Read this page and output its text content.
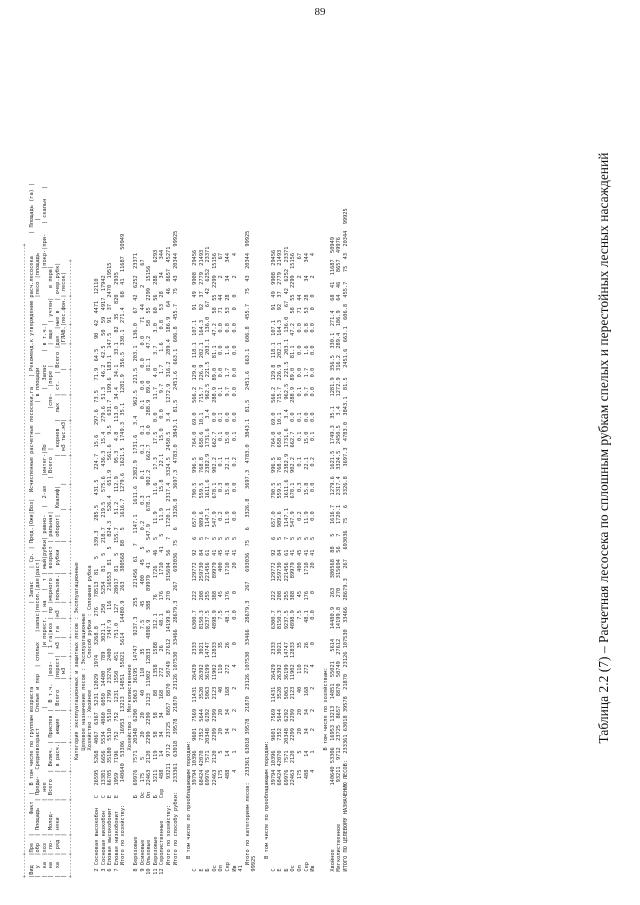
89
+------+----------------------------------------------------------------------------------------------------------------------------------------------------------------------------------------------+ |Вид   |Пре  |      Факт  |  В том числе по группам возраста                          | Запас    | Ср. | Пред.|Ожи|Воз|  Исчисленные расчетные лесосеки,га   | Рекоменд.к утверждению расч.лесосека       | Площадь (га) | |  у   |обр  | Площадь  | Преды-  Средневозраст     Спелые и пер  | спелых   |запас|лесоп.|дае|раст|                                       |         | в площади                      |лесо |площадь          | |  ка  |хоз  |          |  нее                       |                  |и перест. | на   |  т | мый|рубки| равно-  |  2-ая   |интег-|По                 |  Запас    | в т.ч.|                 |покр-|при-   | скальн   | |  на  | по- | Молод-   | Всего  | Включ. | Приспев |  В т.ч.  |воз-  | 1 га|воз | пр |мерного | возраст | ральная|          | Всего  |            |спе-  |пере |      | юще  | учтен|   в перв| |  ха  | ряд | няки     |        | в расч.|  ающие  | Всего   |перест|  м3 | га  |м3  |пользов.|  рубки  | оборот|  Квалиф|         |  корнев  |  лых  | ст.  | Всего |дая  |ные в   | очер.рубк| |      |     |          |        |        |         |         | м3   |     |     |    |        |         |         |       |        | м3 тыс.м3|       |       |       |ГЛАВ.|лес.фон.| лесок| +------+-----+----------+--------+--------+---------+---------+------+-----+-----+----+--------+---------+---------+-------+--------+----------+-------+-------+-------+-----+--------+----------+ Категория эксплуатационных и защитных лесов : Эксплуатационные Целевое назначение лесов : Эксплуатационные Хозяйство : Хвойное          Способ рубки : Сплошная рубка 2 Сосновая высокобон   С   26595  5268  4067  6367  5231 12029  1974   3268.8   276   78513  81   5   339.3   285.5   431.5   224.7  15.6   297.6  73.5   71.9  64.5   90  42  4471  12110 3 Сосновая низкобон    С   13381  6656  5534  4060  6050  14400   789   3021.1   250   5254   81   5   218.7   219.5   575.6   436.3  15.4   279.6  51.3   46.2  42.5   50  59  4917  17942 6 Еловая высокобонит   Е   66705  35180  5510  5510  2799  23276  2400   7347.9   116   216553  81   5   824.3   526.4   651.9   561.6   9.5   631.7  199.6  183.1  147.5   91  37  2470  19515 7 Еловая низкобонит    Е   1959   7196   752   752   1231  1550   451    751.0   127   28017  81   5   155.7    51.2   112.9    95.3   4.8   113.0  34.4   34.1   33.1   82  35   820   2935 Итого по хозяйству:       140640  53306  16953  13213  14851  55021  5614   14480.9   263   380568  88   5   1616.7  1279.6  1621.5  1749.3  35.1   1281.9  356.5  330.1  271.4   68  41  11687  50949 Хозяйство : Мягколиственное 8 Березовые            Б   69976  7571  20348  6290  5063  36195  14747   9237.3   255   221456  61   7   1147.1   1611.6  2382.9  1731.6   3.4   962.5  221.5  203.1  136.0   67  42  6252  23371 9 Осиновые             Ос   175    5      20    20     40    110    35      7.5    45     400   45   5     0.2     0.3     0.1     0.1   0.1     0.1   0.0    0.0    0.0    71  44     2      67 10 Ольховые             Ол  22463  2120  2299  2299  2123  11902  12833   4898.9   388   89979  41   5   547.9    678.1   902.2   662.7   0.0   288.9  89.0   81.1   47.2   58  55  2299  15156 11 Березовые            Б    3211   119    58    58     88    1358   1588    312.1    76     1726   46   5    11.9     11.6    17.3    17.5   0.0    11.7   4.0    3.7    3.0   60  56   288    6293 12 Серолиственные       Сер   488    14    34    34    168    272     26      48.1    176     1710   41   5    11.9     15.8    22.1    15.0   0.0     9.7   1.7    1.6    0.8   53  28    34    344 Итого по хозяйству:        93211  9712  23725  8657  8870  50749  27612  14199.8   270   315694  56   7   1720.1  2317.4  3324.5  2450.5   3.4   1272.9  316.2  289.4  186.9   64  46  8657  45271 Итого по способу рубки:   233361  63018  39578  21870  23126 107530  33466  28679.3   267   693036  75   6   3326.8   3697.3  4783.0  3843.1  81.5   2451.6  663.1  606.8  455.7   75  43  20344  99925 В том числе по преобладающим породам: С                          39794 10396   9601  7569  11431  26429   2333    6300.7   222   129772  92   6   657.0    790.5   996.5   764.0  69.0   566.2  129.8  118.1  107.1   91  49  9908  29456 Е                          68424 42070   7352  5644   3520  26392   3021    8150.3   208   259730  84   5   989.6    559.5   768.8   658.6  10.1   715.7  226.9  202.1  164.3   92  37  2779  21493 Б                          69976  7571  20348  6292   5063  36199  14747    9237.5   255   221456  61   7   1147.1   1611.6  2382.9  1731.6   3.4   962.5  221.5  203.1  136.0   67  42  6252  23371 Ос                         22463  2120   2299  2299   2123  11902  12833    4898.9   388    89979  41   5   547.9    678.1   902.2   662.7   0.0   288.9  89.0   81.1   47.2   58  55  2299  15156 Ол                           175     5     20    20     40    110     35       7.5    45      400  45   5     0.2      0.3     0.1     0.1   0.1     0.1   0.0    0.0    0.0   71  44     2     67 Сер                          488    14     34    34    168    272     26      48.1   176     1710  41   5    11.9     15.8    22.1    15.0   0.0     9.7   1.7    1.6    0.8   53  28    34    344 Ив                             4     1      2     2      2      4      0       0.0     0       20  41   5     0.0      0.0     0.2     0.1   0.0     0.0   0.0    0.0    0.0    0   0     2      4 41 Итого по категориям лесов:  233361 63018 39578  21870  23126 107530  33466  28679.3   267   693036  75   6   3326.8   3697.3  4783.0  3843.1  81.5   2451.6  663.1  606.8  455.7   75  43  20344  99925 99925 В том числе по преобладающим породам: С                          39794 10396   9601  7569  11431  26429   2333    6300.7   222   129772  92   6   657.0    790.5   996.5   764.0  69.0   566.2  129.8  118.1  107.1   91  49  9908  29456 Е                          68424 42070   7352  5644   3520  26392   3021    8150.3   208   259730  84   5   989.6    559.5   768.8   658.6  10.1   715.7  226.9  202.1  164.3   92  37  2779  21493 Б                          69976  7571  20348  6292   5063  36199  14747    9237.5   255   221456  61   7   1147.1   1611.6  2382.9  1731.6   3.4   962.5  221.5  203.1  136.0   67  42  6252  23371 Ос                         22463  2120   2299  2299   2123  11902  12833    4898.9   388    89979  41   5   547.9    678.1   902.2   662.7   0.0   288.9  89.0   81.1   47.2   58  55  2299  15156 Ол                           175     5     20    20     40    110     35       7.5    45      400  45   5     0.2      0.3     0.1     0.1   0.1     0.1   0.0    0.0    0.0   71  44     2     67 Сер                          488    14     34    34    168    272     26      48.1   176     1710  41   5    11.9     15.8    22.1    15.0   0.0     9.7   1.7    1.6    0.8   53  28    34    344 Ив                             4     1      2     2      2      4      0       0.0     0       20  41   5     0.0      0.0     0.2     0.1   0.0     0.0   0.0    0.0    0.0    0   0     2      4 В том числе по хозяйствам: Хвойное                    140640 53306  16953 13213  14851  55021   5614   14480.9   263   380568  88   5   1616.7   1279.6  1621.5  1749.3  35.1   1281.9  356.5  330.1  271.4   68  41  11687  50949 Мягколиственное             93211  9712  23725  8657   8870  50749  27612   14199.8   270   315694  56   7   1720.1   2317.4  3324.5  2450.5   3.4   1272.9  316.2  289.4  186.9   64  46   8657  49976 ИТОГО ПО ЦЕЛЕВОМУ НАЗНАЧЕНИЮ ЛЕСОВ:  233361 63018 39578  21870  23126 107530  33466  28679.3   267   693036  75   6   3326.8   3697.3  4783.0  3843.1  81.5   2451.6  663.1  606.8  455.7   75  43  20344  99925	Таблица 2.2 (7) – Расчетная лесосека по сплошным рубкам спелых и перестойных лесных насаждений
